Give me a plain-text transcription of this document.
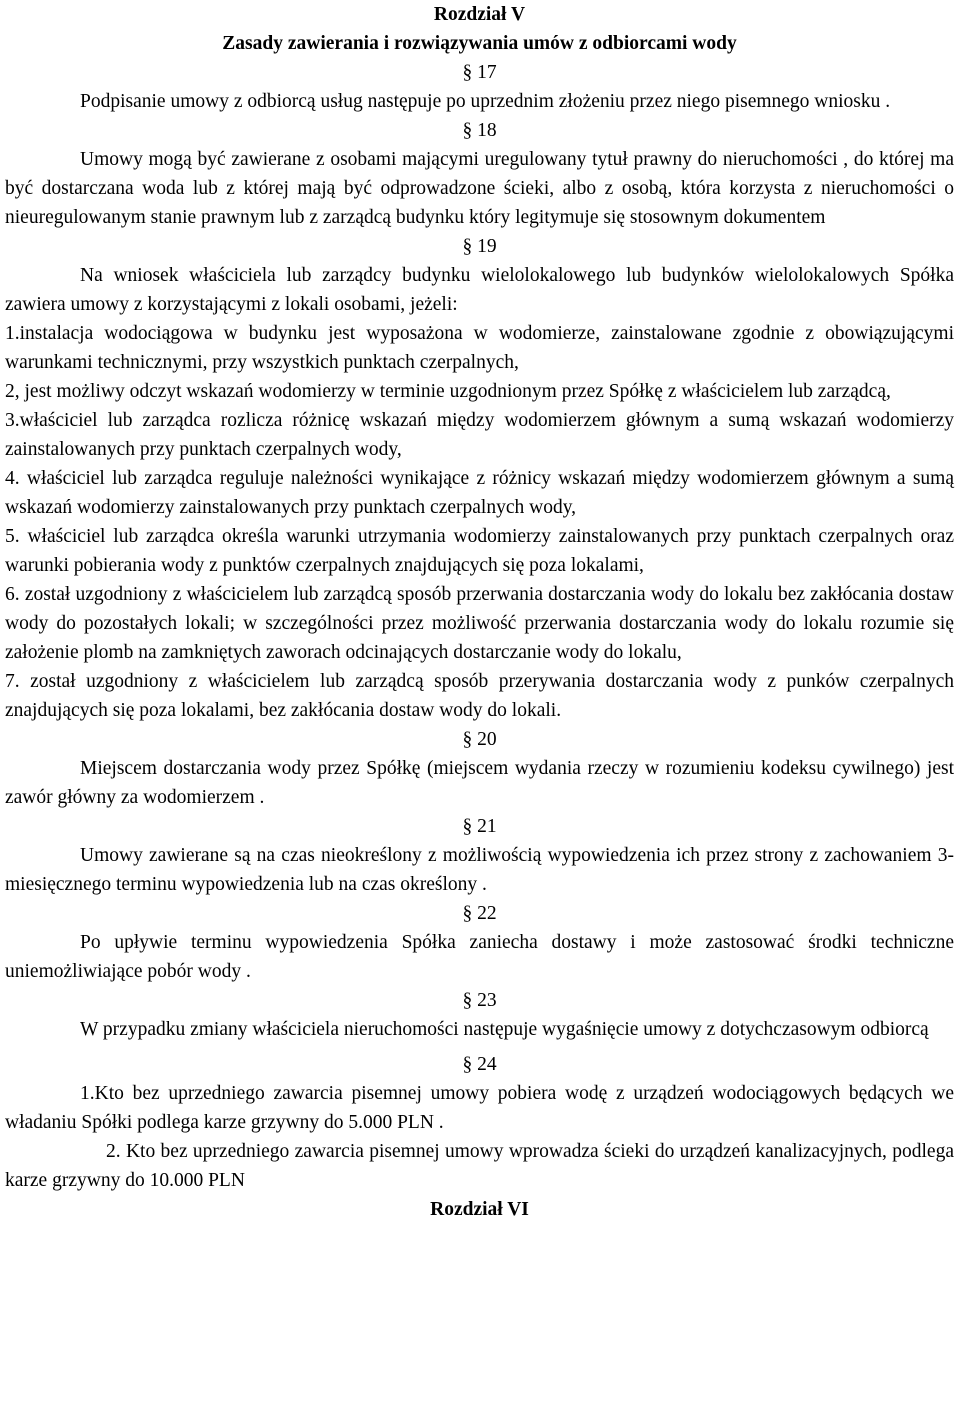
Rozdział V
Zasady zawierania i rozwiązywania umów z odbiorcami wody
§ 17

Podpisanie umowy z odbiorcą usług następuje po uprzednim złożeniu przez niego pisemnego wniosku .

§ 18

Umowy mogą być zawierane z osobami mającymi uregulowany tytuł prawny do nieruchomości , do której ma być dostarczana woda lub z której mają być odprowadzone ścieki, albo z osobą, która korzysta z nieruchomości o nieuregulowanym stanie prawnym lub z zarządcą budynku który legitymuje się stosownym dokumentem

§ 19

Na wniosek właściciela lub zarządcy budynku wielolokalowego lub budynków wielolokalowych Spółka zawiera umowy z korzystającymi z lokali osobami, jeżeli:

1.instalacja wodociągowa w budynku jest wyposażona w wodomierze, zainstalowane zgodnie z obowiązującymi warunkami technicznymi, przy wszystkich punktach czerpalnych,

2, jest możliwy odczyt wskazań wodomierzy w terminie uzgodnionym przez Spółkę z właścicielem lub zarządcą,

3.właściciel lub zarządca rozlicza różnicę wskazań między wodomierzem głównym a sumą wskazań wodomierzy zainstalowanych przy punktach czerpalnych wody,

4. właściciel lub zarządca reguluje należności wynikające z różnicy wskazań między wodomierzem głównym a sumą wskazań wodomierzy zainstalowanych przy punktach czerpalnych wody,

5. właściciel lub zarządca określa warunki utrzymania wodomierzy zainstalowanych przy punktach czerpalnych oraz warunki pobierania wody z punktów czerpalnych znajdujących się poza lokalami,

6. został uzgodniony z właścicielem lub zarządcą sposób przerwania dostarczania wody do lokalu bez zakłócania dostaw wody do pozostałych lokali; w szczególności przez możliwość przerwania dostarczania wody do lokalu rozumie się założenie plomb na zamkniętych zaworach odcinających dostarczanie wody do lokalu,

7. został uzgodniony z właścicielem lub zarządcą sposób przerywania dostarczania wody z punków czerpalnych znajdujących się poza lokalami, bez zakłócania dostaw wody do lokali.

§ 20

Miejscem dostarczania wody przez Spółkę (miejscem wydania rzeczy w rozumieniu kodeksu cywilnego) jest zawór główny za wodomierzem .

§ 21

Umowy zawierane są na czas nieokreślony z możliwością wypowiedzenia ich przez strony z zachowaniem 3- miesięcznego terminu wypowiedzenia lub na czas określony .

§ 22

Po upływie terminu wypowiedzenia Spółka zaniecha dostawy i może zastosować środki techniczne uniemożliwiające pobór wody .

§ 23

W przypadku zmiany właściciela nieruchomości następuje wygaśnięcie umowy z dotychczasowym odbiorcą

§ 24

1.Kto bez uprzedniego zawarcia pisemnej umowy pobiera wodę z urządzeń wodociągowych będących we władaniu Spółki podlega karze grzywny do 5.000 PLN .

2. Kto bez uprzedniego zawarcia pisemnej umowy wprowadza ścieki do urządzeń kanalizacyjnych, podlega karze grzywny do 10.000 PLN

Rozdział VI
